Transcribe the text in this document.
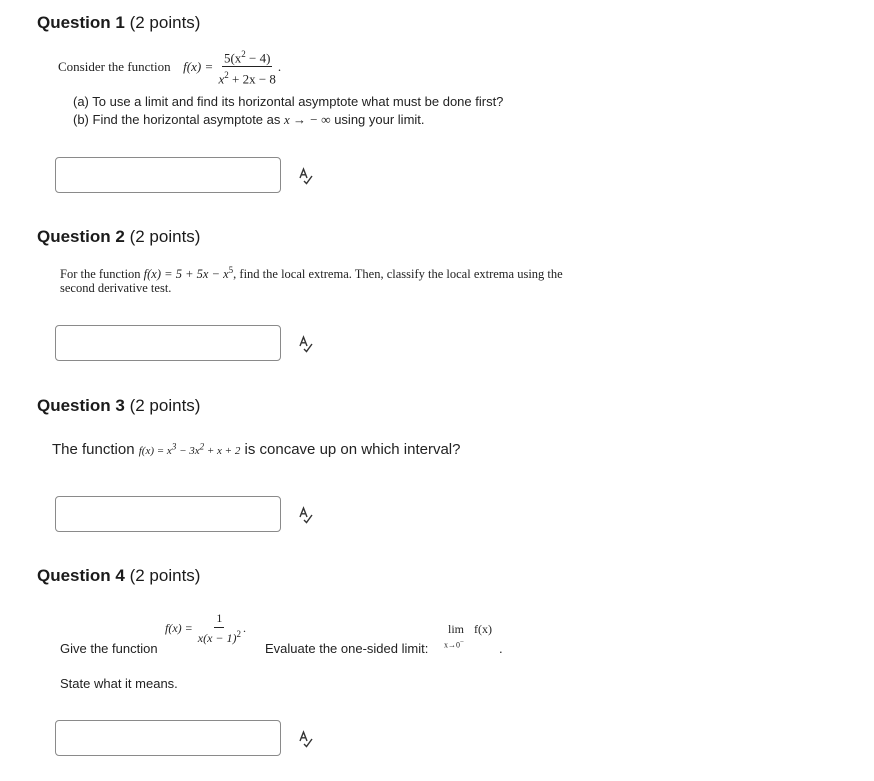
Question 1 (2 points)
Consider the function $f(x) = \frac{5(x^2 - 4)}{x^2 + 2x - 8}$ .
(a) To use a limit and find its horizontal asymptote what must be done first?
(b) Find the horizontal asymptote as x → − ∞ using your limit.
Question 2 (2 points)
For the function $f(x) = 5 + 5x - x^5$, find the local extrema. Then, classify the local extrema using the
second derivative test.
Question 3 (2 points)
The function $f(x) = x^3 - 3x^2 + x + 2$ is concave up on which interval?
Question 4 (2 points)
$f(x) = \frac{1}{x(x - 1)^2}$ .
Give the function	Evaluate the one-sided limit:
lim f(x)
x→0−	.
State what it means.
